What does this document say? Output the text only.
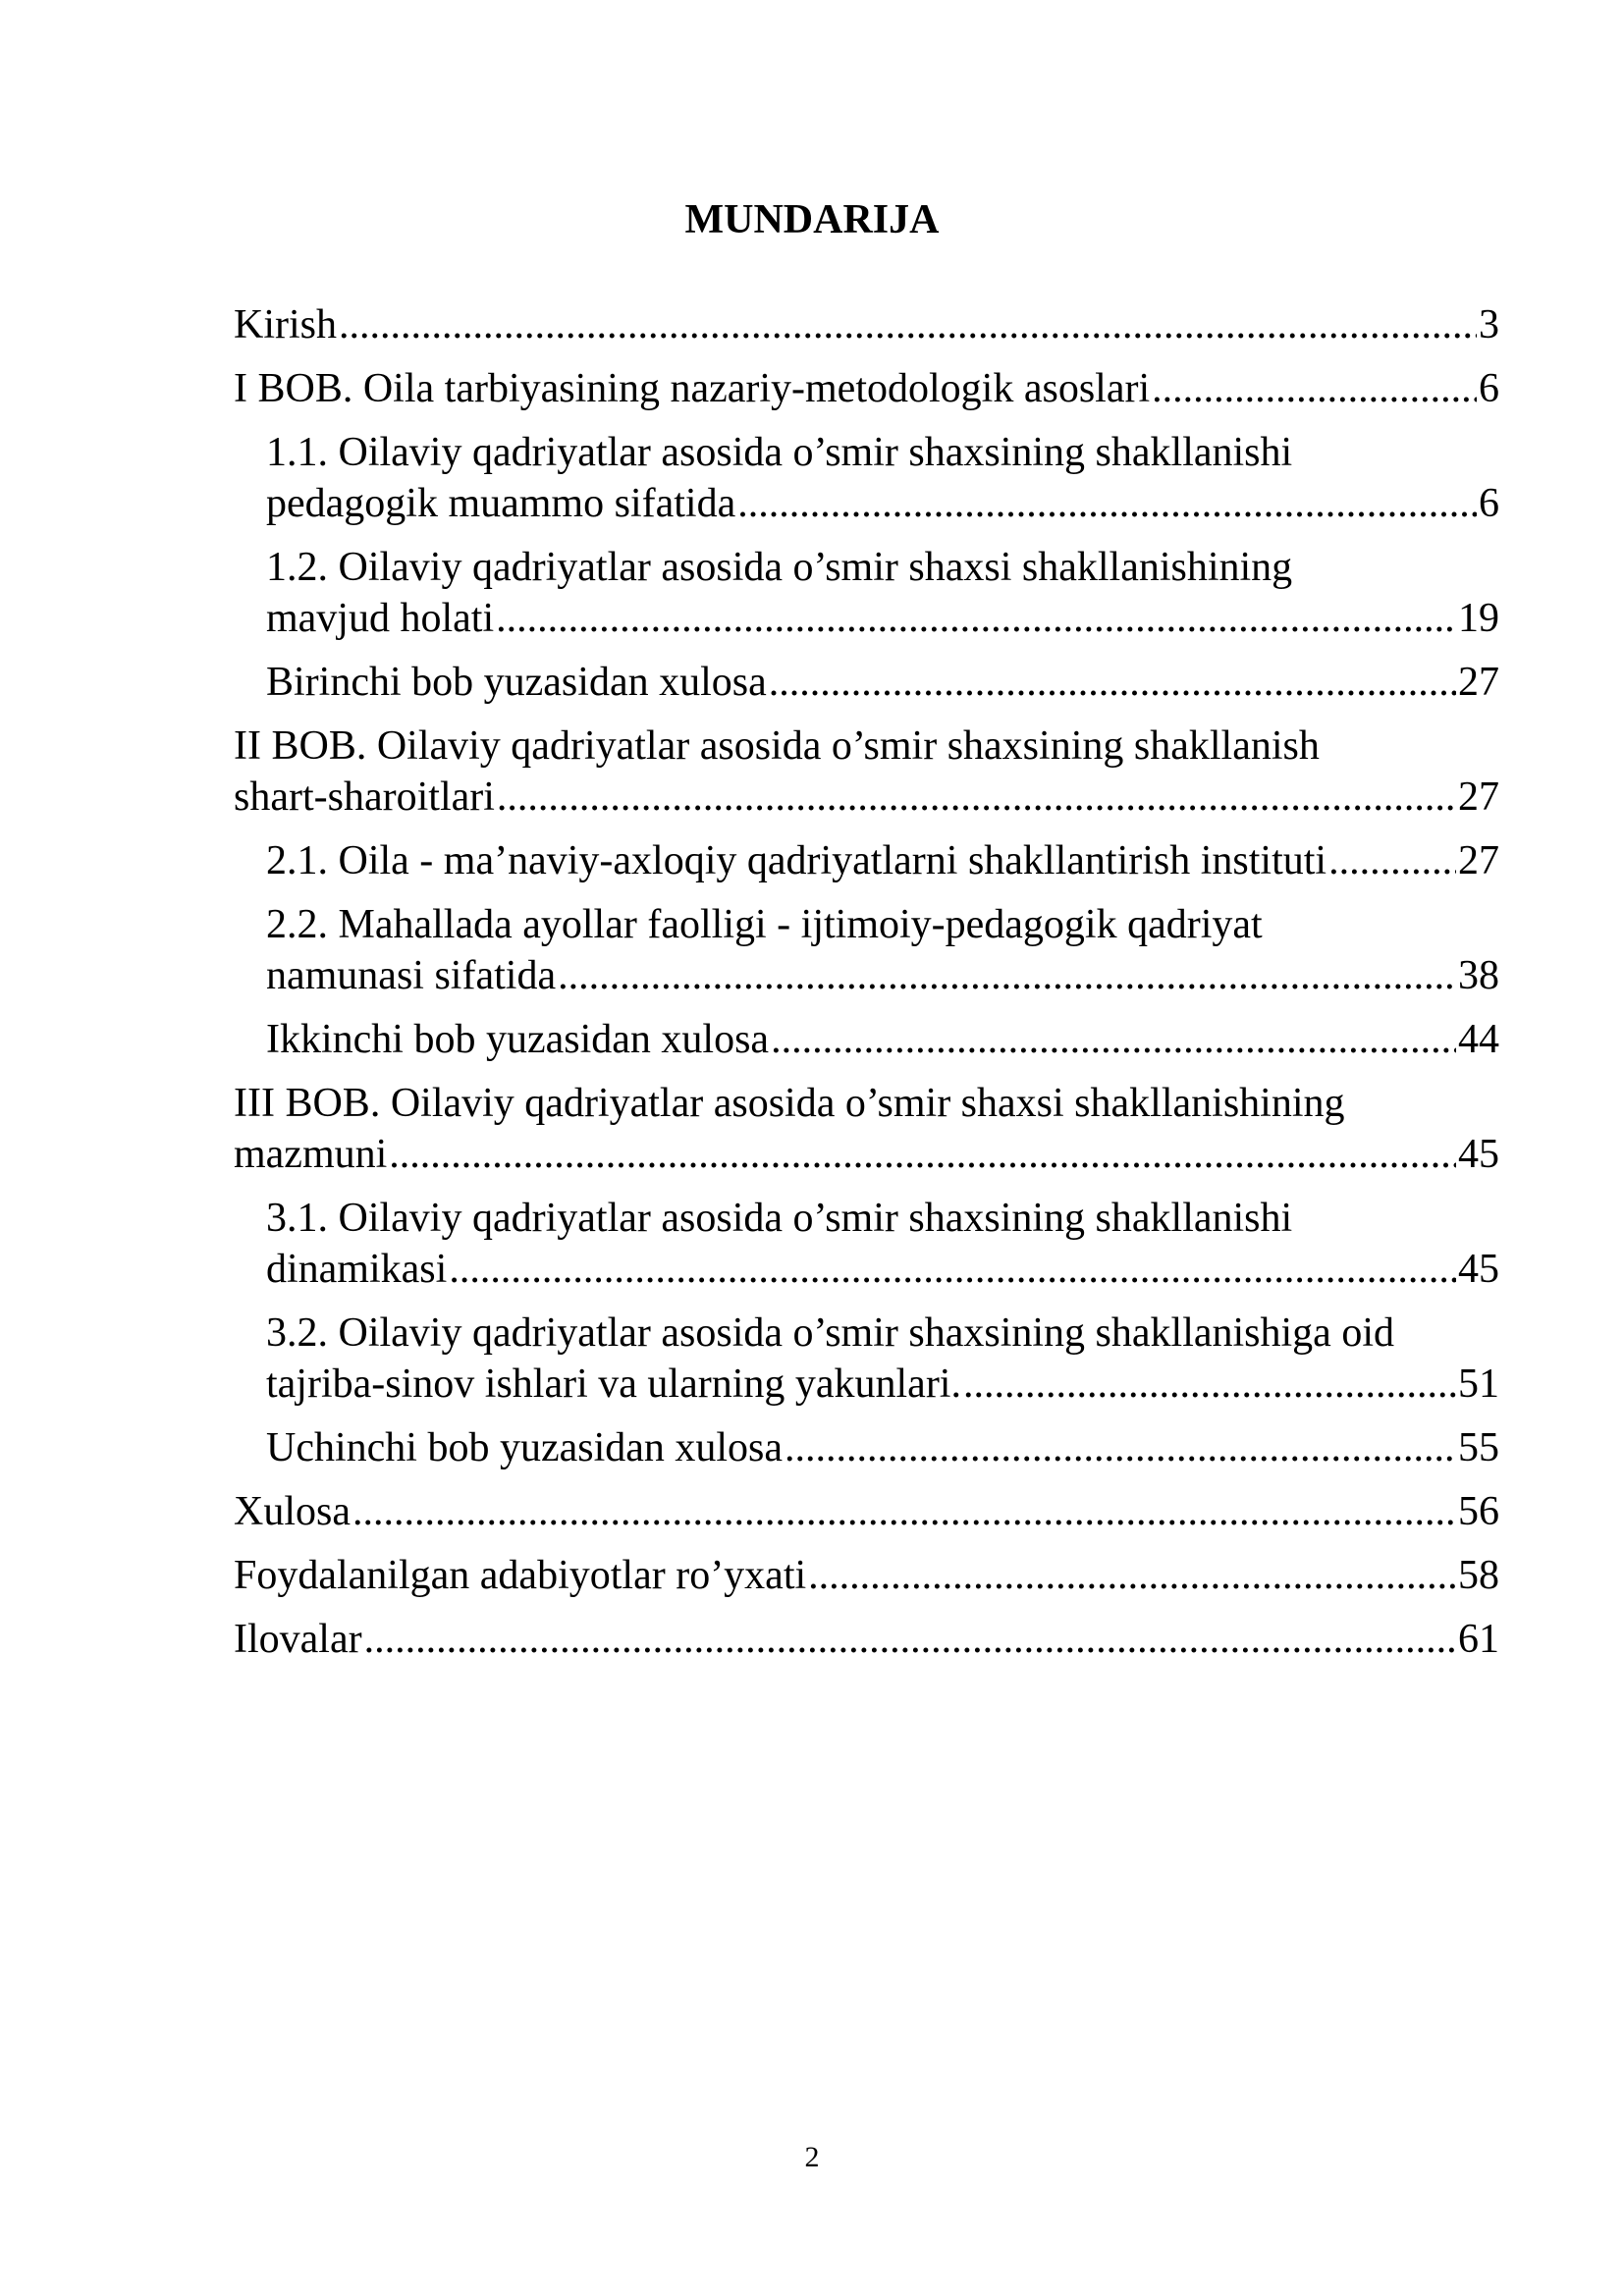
MUNDARIJA
Kirish .....	3
I BOB. Oila tarbiyasining nazariy-metodologik asoslari .....	6
1.1. Oilaviy qadriyatlar asosida o’smir shaxsining shakllanishi
pedagogik muammo sifatida .....	6
1.2. Oilaviy qadriyatlar asosida o’smir shaxsi shakllanishining
mavjud holati .....	19
Birinchi bob yuzasidan xulosa .....	27
II BOB. Oilaviy qadriyatlar asosida o’smir shaxsining shakllanish
shart-sharoitlari .....	27
2.1. Oila - ma’naviy-axloqiy qadriyatlarni shakllantirish instituti .....	27
2.2. Mahallada ayollar faolligi - ijtimoiy-pedagogik qadriyat
namunasi sifatida .....	38
Ikkinchi bob yuzasidan xulosa .....	44
III BOB. Oilaviy qadriyatlar asosida o’smir shaxsi shakllanishining
mazmuni .....	45
3.1. Oilaviy qadriyatlar asosida o’smir shaxsining shakllanishi
dinamikasi .....	45
3.2. Oilaviy qadriyatlar asosida o’smir shaxsining shakllanishiga oid
tajriba-sinov ishlari va ularning yakunlari. .....	51
Uchinchi bob yuzasidan xulosa .....	55
Xulosa .....	56
Foydalanilgan adabiyotlar ro’yxati .....	58
Ilovalar .....	61
2
